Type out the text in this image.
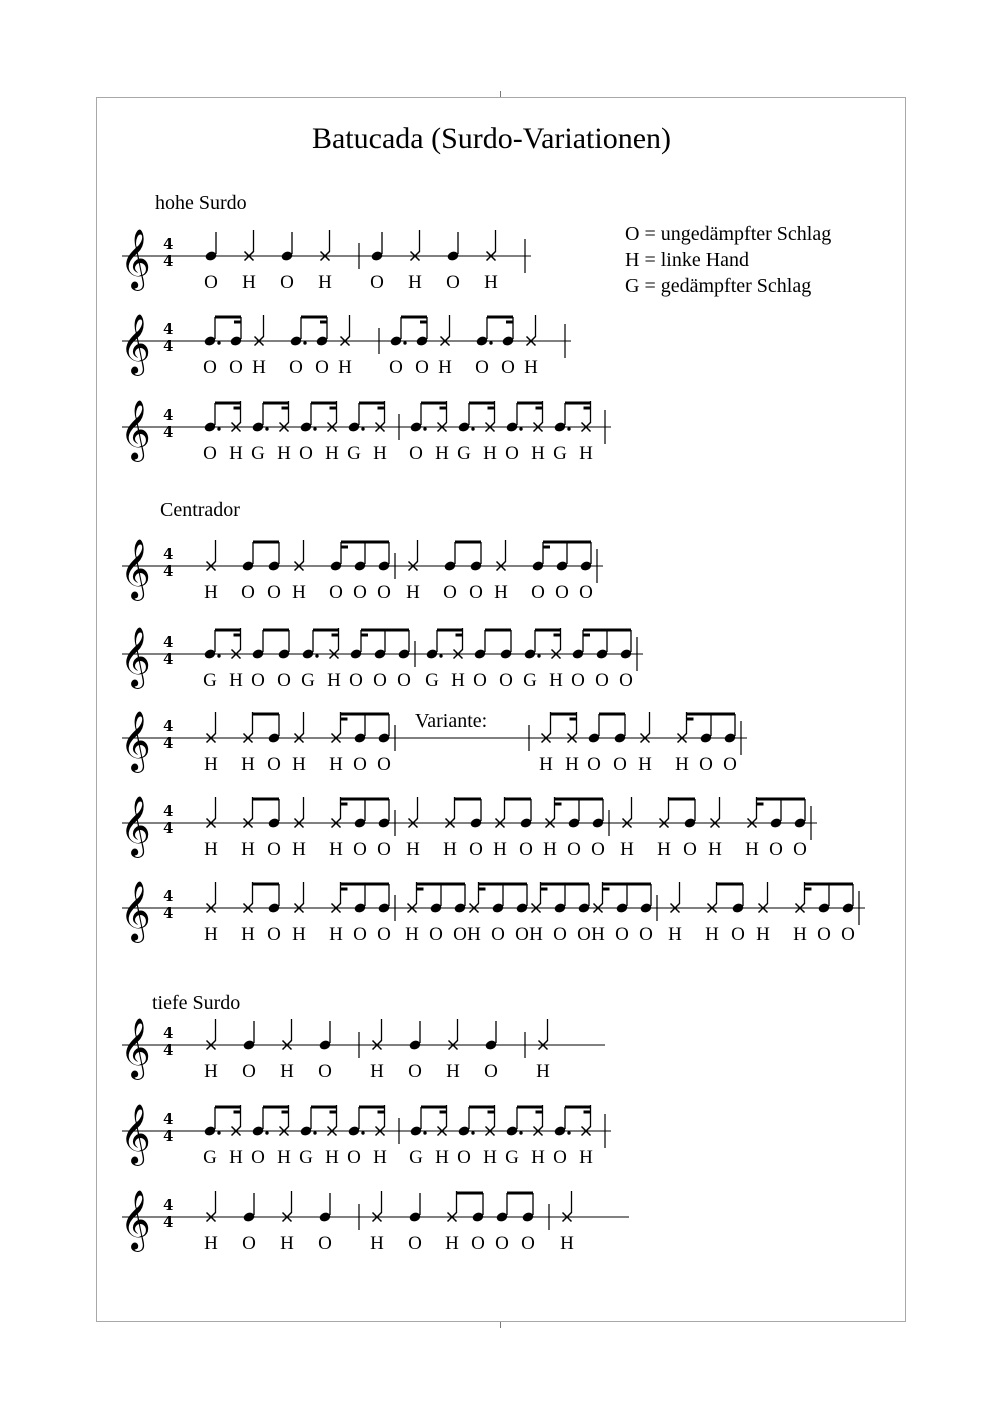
Batucada (Surdo-Variationen)
hohe Surdo
Centrador
tiefe Surdo
O = ungedämpfter Schlag
H = linke Hand
G = gedämpfter Schlag
𝄞 4
4
O H O H O H O H
𝄞 4
4
O O H O O H O O H O O H
𝄞 4
4
O H G H O H G H O H G H O H G H
𝄞 4
4
H O O H O O O H O O H O O O
𝄞 4
4
G H O O G H O O O G H O O G H O O O
𝄞 4
4
H H O H H O O
Variante:
H H O O H H O O
𝄞 4
4
H H O H H O O H H O H O H O O H H O H H O O
𝄞 4
4
H H O H H O O H O O H O O H O O H O O H H O H H O O
𝄞 4
4
H O H O H O H O H
𝄞 4
4
G H O H G H O H G H O H G H O H
𝄞 4
4
H O H O H O H O O O H
